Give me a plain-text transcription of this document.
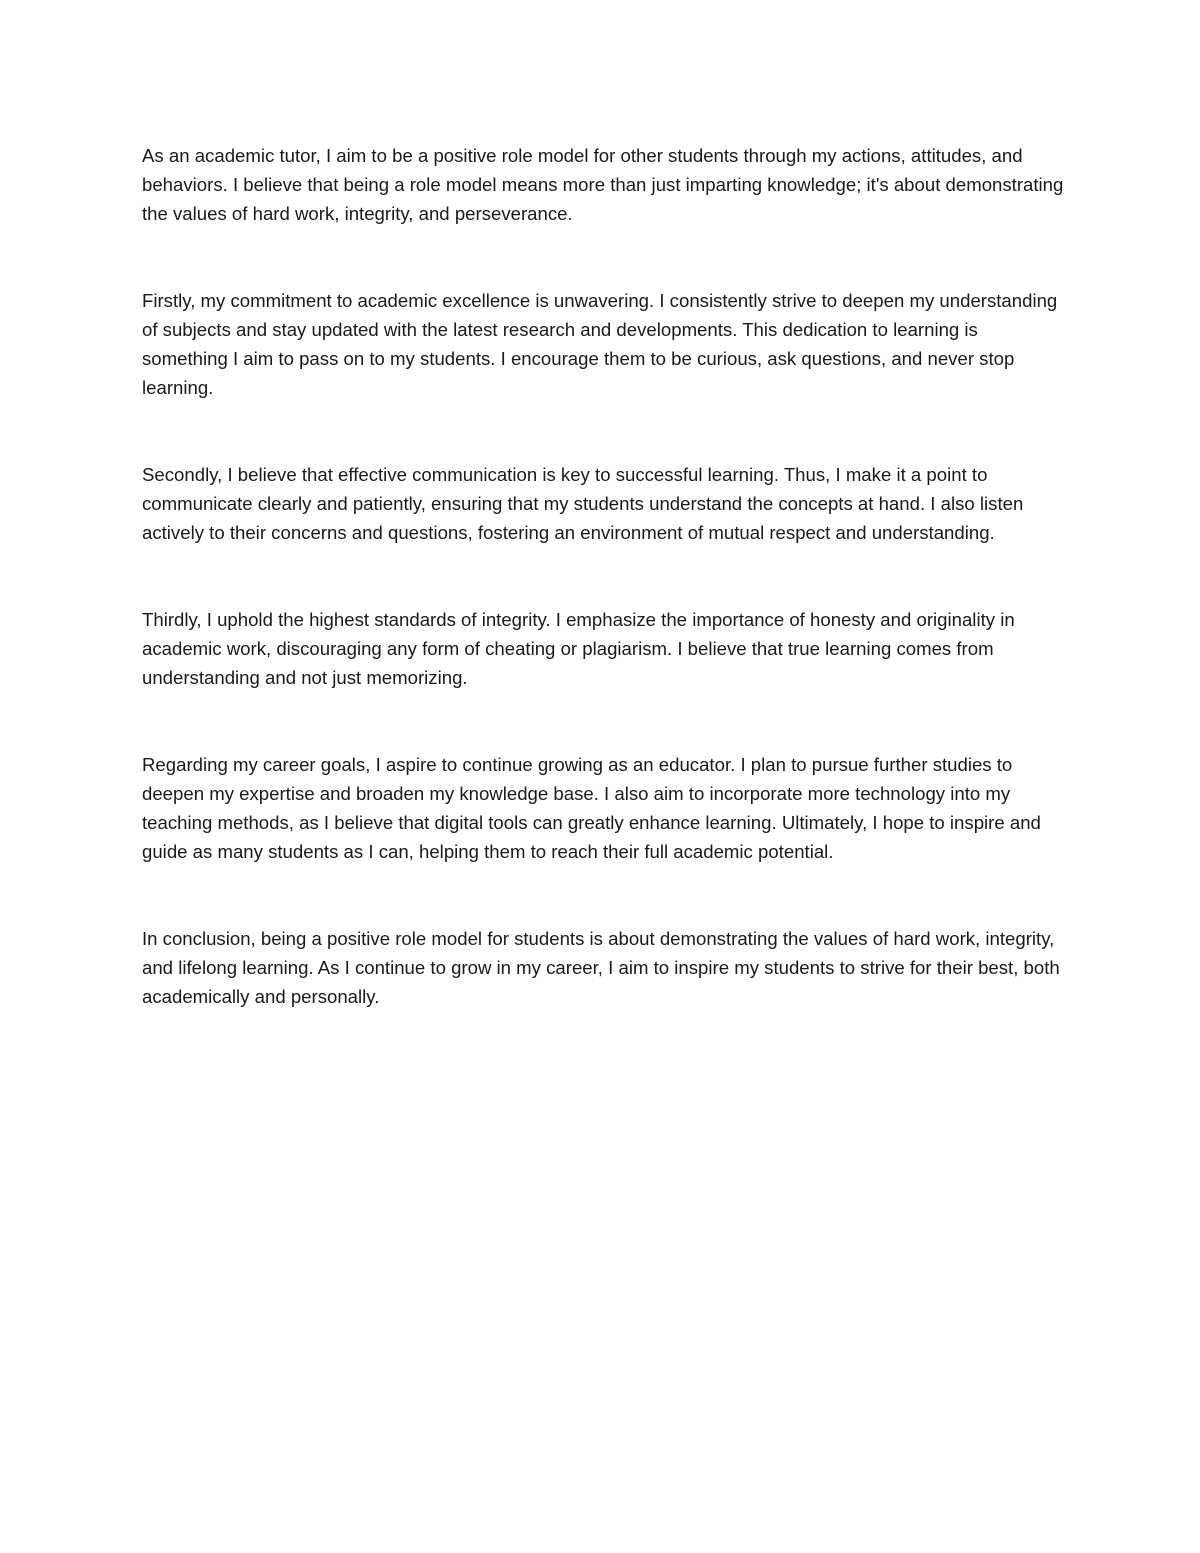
As an academic tutor, I aim to be a positive role model for other students through my actions, attitudes, and behaviors. I believe that being a role model means more than just imparting knowledge; it's about demonstrating the values of hard work, integrity, and perseverance.

Firstly, my commitment to academic excellence is unwavering. I consistently strive to deepen my understanding of subjects and stay updated with the latest research and developments. This dedication to learning is something I aim to pass on to my students. I encourage them to be curious, ask questions, and never stop learning.

Secondly, I believe that effective communication is key to successful learning. Thus, I make it a point to communicate clearly and patiently, ensuring that my students understand the concepts at hand. I also listen actively to their concerns and questions, fostering an environment of mutual respect and understanding.

Thirdly, I uphold the highest standards of integrity. I emphasize the importance of honesty and originality in academic work, discouraging any form of cheating or plagiarism. I believe that true learning comes from understanding and not just memorizing.

Regarding my career goals, I aspire to continue growing as an educator. I plan to pursue further studies to deepen my expertise and broaden my knowledge base. I also aim to incorporate more technology into my teaching methods, as I believe that digital tools can greatly enhance learning. Ultimately, I hope to inspire and guide as many students as I can, helping them to reach their full academic potential.

In conclusion, being a positive role model for students is about demonstrating the values of hard work, integrity, and lifelong learning. As I continue to grow in my career, I aim to inspire my students to strive for their best, both academically and personally.
